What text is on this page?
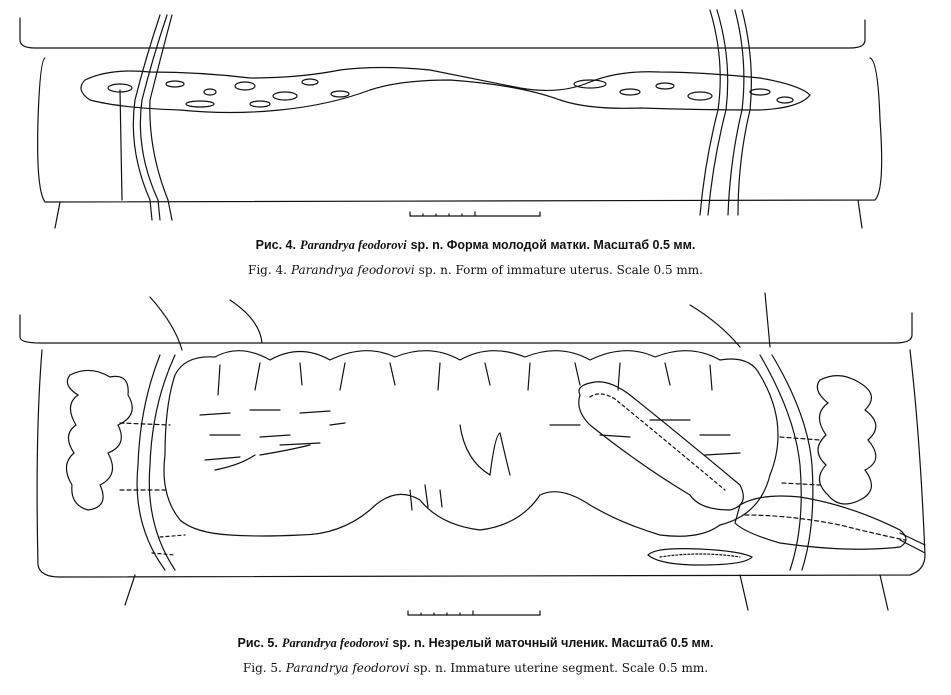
Рис. 4. Parandrya feodorovi sp. n. Форма молодой матки. Масштаб 0.5 мм.
Fig. 4. Parandrya feodorovi sp. n. Form of immature uterus. Scale 0.5 mm.
Рис. 5. Parandrya feodorovi sp. n. Незрелый маточный членик. Масштаб 0.5 мм.
Fig. 5. Parandrya feodorovi sp. n. Immature uterine segment. Scale 0.5 mm.
